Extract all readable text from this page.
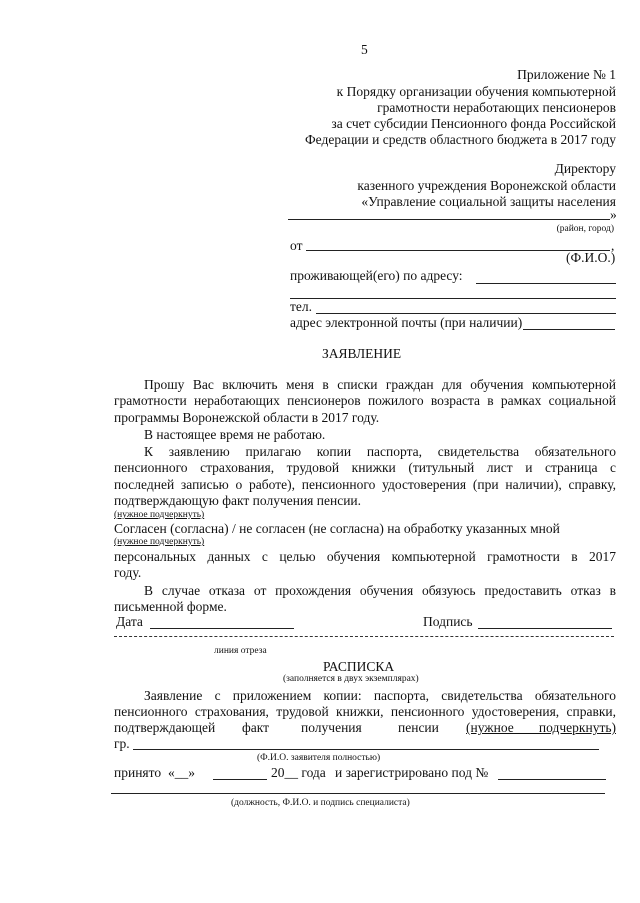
5
Приложение № 1
к Порядку организации обучения компьютерной
грамотности неработающих пенсионеров
за счет субсидии Пенсионного фонда Российской
Федерации и средств областного бюджета в 2017 году
Директору
казенного учреждения Воронежской области
«Управление социальной защиты населения
»
(район, город)
от	,
(Ф.И.О.)
проживающей(его) по адресу:
тел.
адрес электронной почты (при наличии)
ЗАЯВЛЕНИЕ
Прошу Вас включить меня в списки граждан для обучения компьютерной
грамотности неработающих пенсионеров пожилого возраста в рамках социальной
программы Воронежской области в 2017 году.
В настоящее время не работаю.
К заявлению прилагаю копии паспорта, свидетельства обязательного
пенсионного страхования, трудовой книжки (титульный лист и страница с
последней записью о работе), пенсионного удостоверения (при наличии), справку,
подтверждающую факт получения пенсии.
(нужное подчеркнуть)
Согласен (согласна) / не согласен (не согласна) на обработку указанных мной
(нужное подчеркнуть)
персональных данных с целью обучения компьютерной грамотности в 2017
году.
В случае отказа от прохождения обучения обязуюсь предоставить отказ в
письменной форме.
Дата	Подпись
линия отреза
РАСПИСКА
(заполняется в двух экземплярах)
Заявление с приложением копии: паспорта, свидетельства обязательного
пенсионного страхования, трудовой книжки, пенсионного удостоверения, справки,
подтверждающей факт получения	пенсии (нужное подчеркнуть)
гр.
(Ф.И.О. заявителя полностью)
принято «__»	20__ года и зарегистрировано под №
(должность, Ф.И.О. и подпись специалиста)
